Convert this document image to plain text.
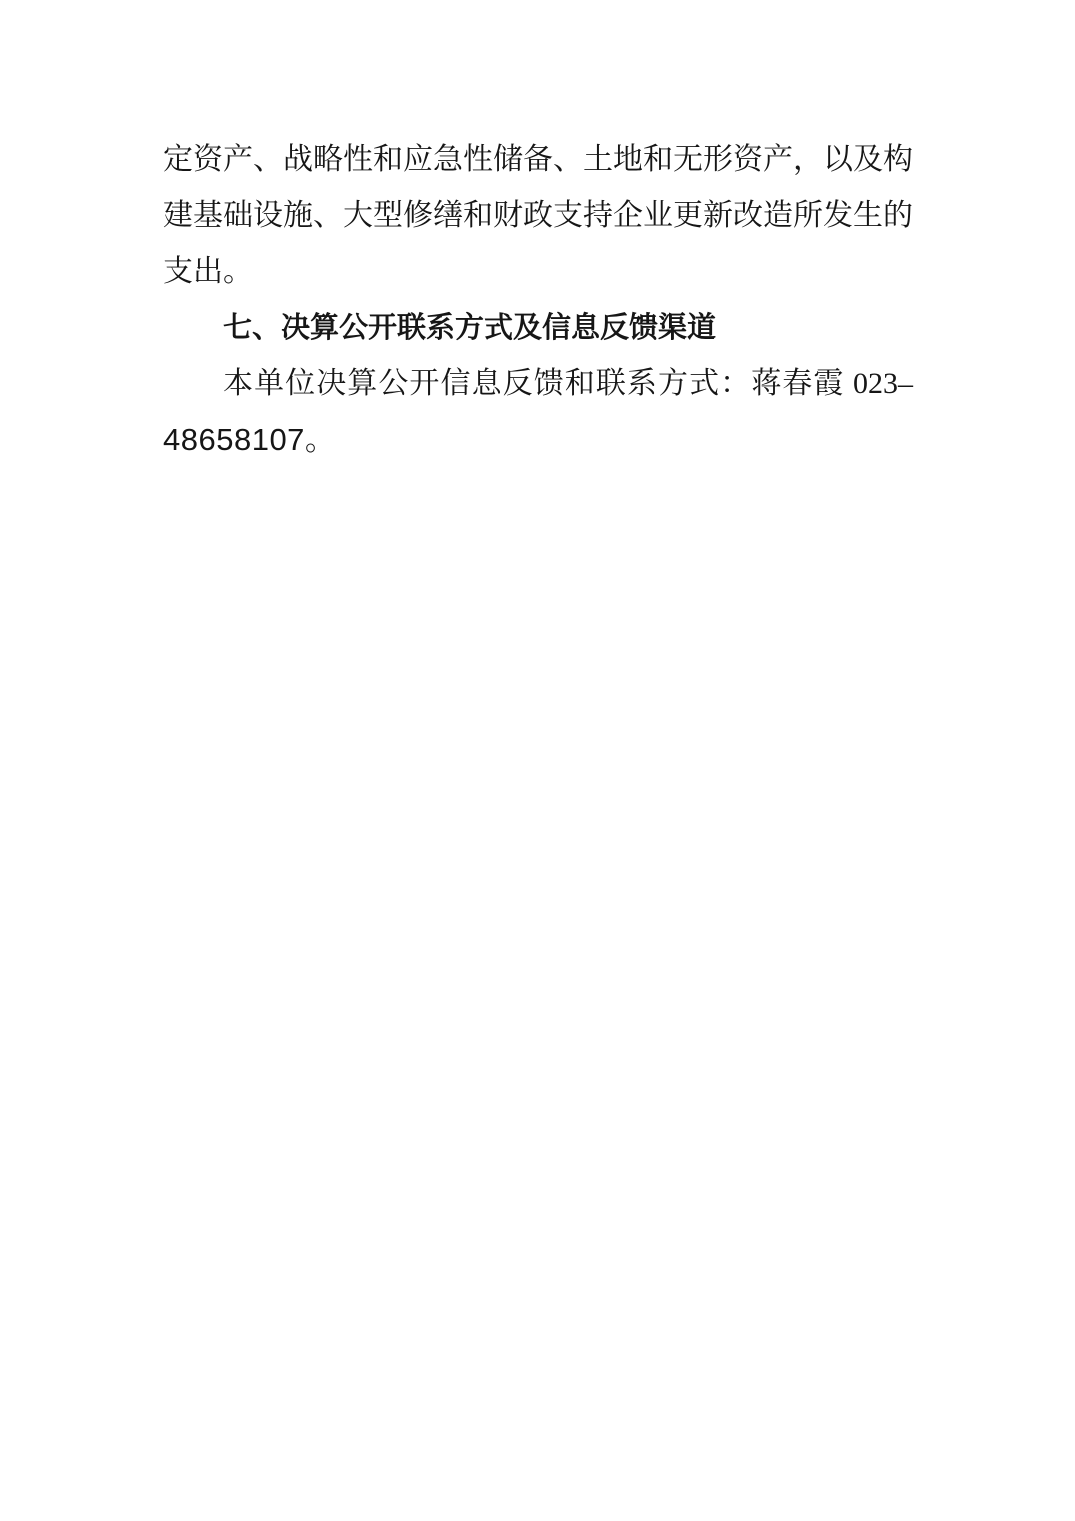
定资产、战略性和应急性储备、土地和无形资产，以及构

建基础设施、大型修缮和财政支持企业更新改造所发生的

支出。

七、决算公开联系方式及信息反馈渠道

本单位决算公开信息反馈和联系方式：蒋春霞 023–

48658107。
